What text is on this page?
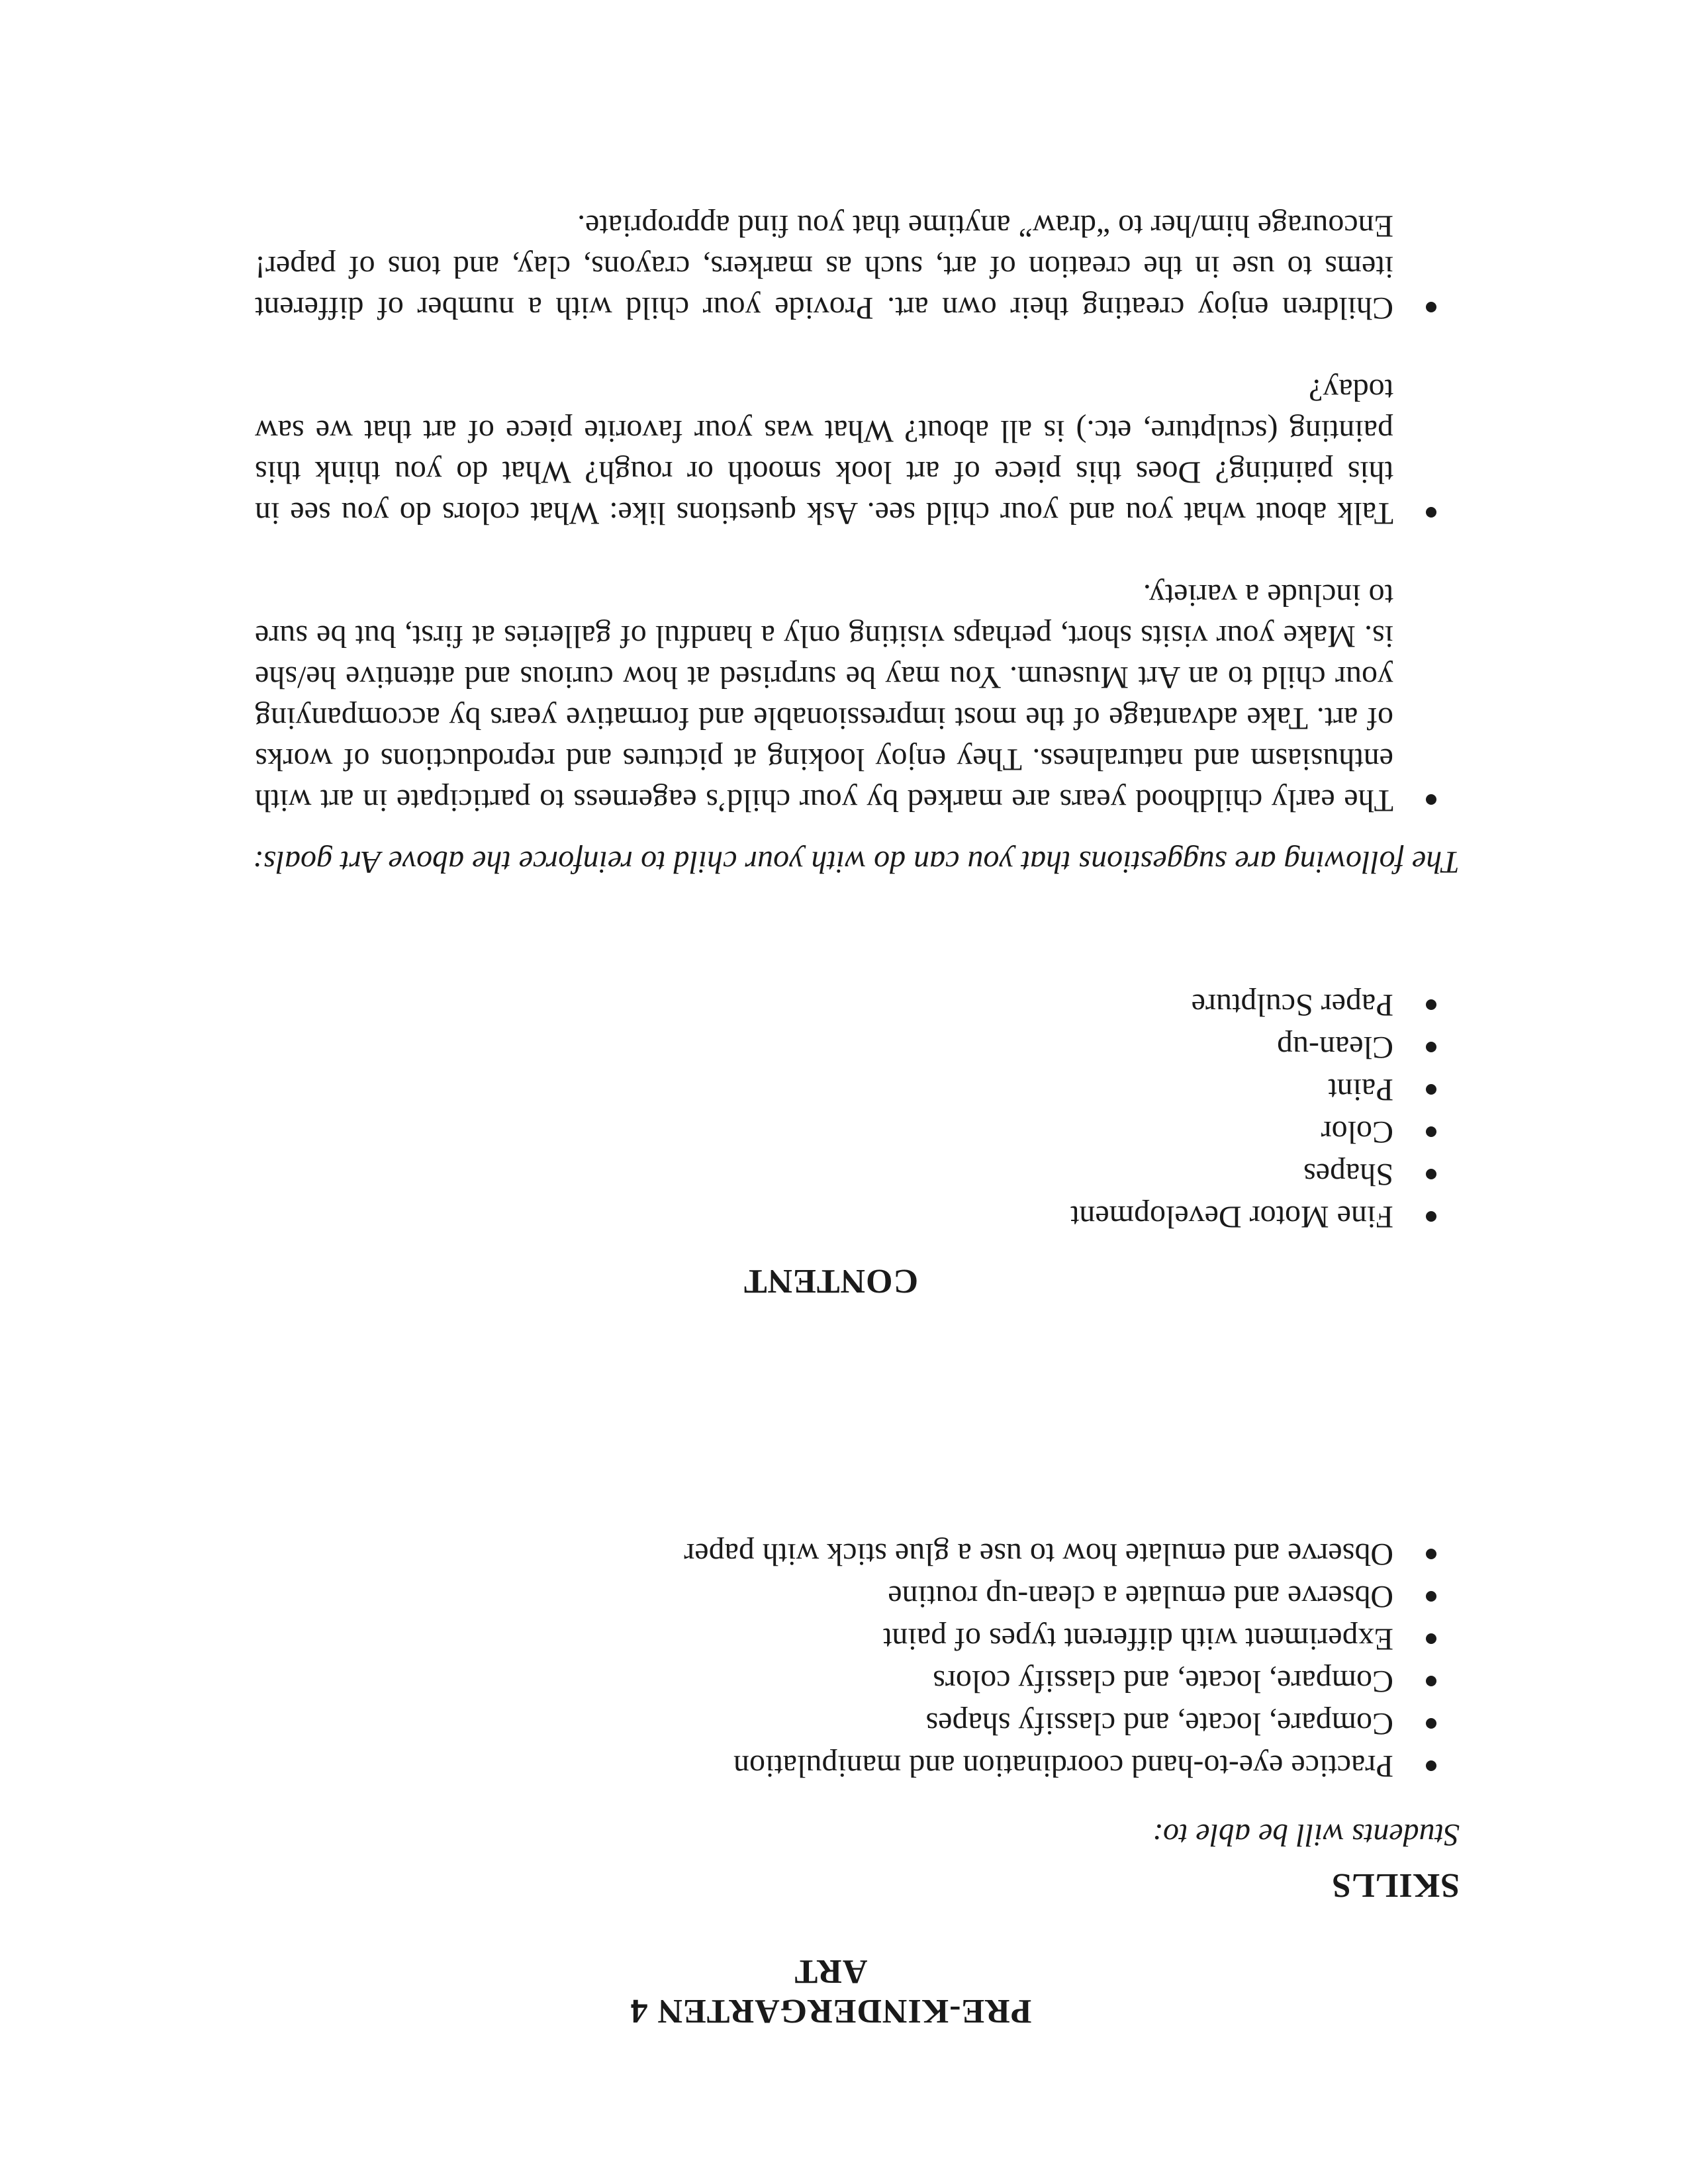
PRE-KINDERGARTEN 4
ART
SKILLS

Students will be able to:

Practice eye-to-hand coordination and manipulation
Compare, locate, and classify shapes
Compare, locate, and classify colors
Experiment with different types of paint
Observe and emulate a clean-up routine
Observe and emulate how to use a glue stick with paper
CONTENT
Fine Motor Development
Shapes
Color
Paint
Clean-up
Paper Sculpture

The following are suggestions that you can do with your child to reinforce the above Art goals:

The early childhood years are marked by your child’s eagerness to participate in art with enthusiasm and naturalness. They enjoy looking at pictures and reproductions of works of art. Take advantage of the most impressionable and formative years by accompanying your child to an Art Museum. You may be surprised at how curious and attentive he/she is. Make your visits short, perhaps visiting only a handful of galleries at first, but be sure to include a variety.
Talk about what you and your child see. Ask questions like: What colors do you see in this painting? Does this piece of art look smooth or rough? What do you think this painting (sculpture, etc.) is all about? What was your favorite piece of art that we saw today?
Children enjoy creating their own art. Provide your child with a number of different items to use in the creation of art, such as markers, crayons, clay, and tons of paper! Encourage him/her to “draw” anytime that you find appropriate.
